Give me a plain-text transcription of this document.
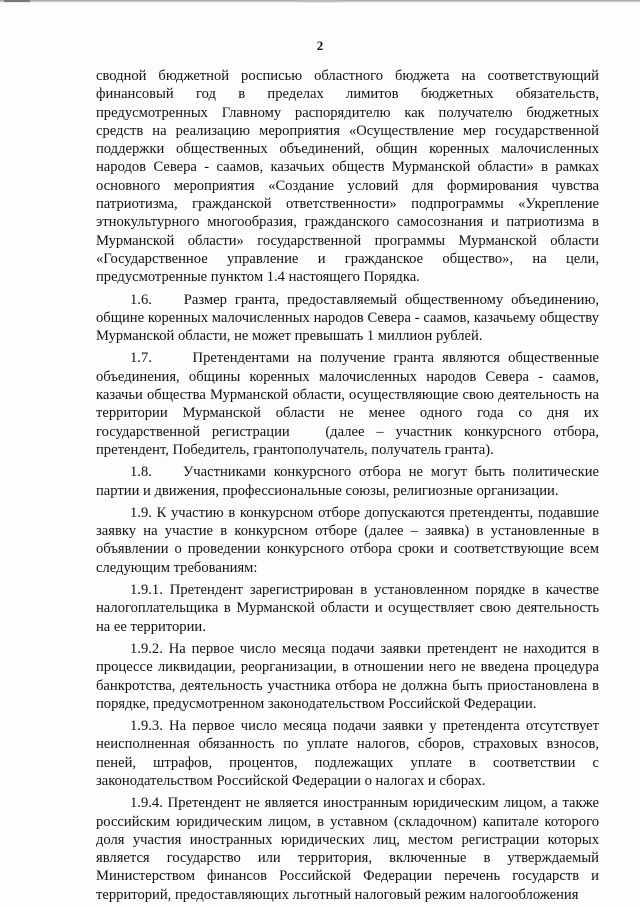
2

сводной бюджетной росписью областного бюджета на соответствующий финансовый год в пределах лимитов бюджетных обязательств, предусмотренных Главному распорядителю как получателю бюджетных средств на реализацию мероприятия «Осуществление мер государственной поддержки общественных объединений, общин коренных малочисленных народов Севера - саамов, казачьих обществ Мурманской области» в рамках основного мероприятия «Создание условий для формирования чувства патриотизма, гражданской ответственности» подпрограммы «Укрепление этнокультурного многообразия, гражданского самосознания и патриотизма в Мурманской области» государственной программы Мурманской области «Государственное управление и гражданское общество», на цели, предусмотренные пунктом 1.4 настоящего Порядка.

1.6.    Размер гранта, предоставляемый общественному объединению, общине коренных малочисленных народов Севера - саамов, казачьему обществу Мурманской области, не может превышать 1 миллион рублей.

1.7.     Претендентами на получение гранта являются общественные объединения, общины коренных малочисленных народов Севера - саамов, казачьи общества Мурманской области, осуществляющие свою деятельность на территории Мурманской области не менее одного года со дня их государственной регистрации   (далее – участник конкурсного отбора, претендент, Победитель, грантополучатель, получатель гранта).

1.8.    Участниками конкурсного отбора не могут быть политические партии и движения, профессиональные союзы, религиозные организации.

1.9. К участию в конкурсном отборе допускаются претенденты, подавшие заявку на участие в конкурсном отборе (далее – заявка) в установленные в объявлении о проведении конкурсного отбора сроки и соответствующие всем следующим требованиям:

1.9.1. Претендент зарегистрирован в установленном порядке в качестве налогоплательщика в Мурманской области и осуществляет свою деятельность на ее территории.

1.9.2. На первое число месяца подачи заявки претендент не находится в процессе ликвидации, реорганизации, в отношении него не введена процедура банкротства, деятельность участника отбора не должна быть приостановлена в порядке, предусмотренном законодательством Российской Федерации.

1.9.3. На первое число месяца подачи заявки у претендента отсутствует неисполненная обязанность по уплате налогов, сборов, страховых взносов, пеней, штрафов, процентов, подлежащих уплате в соответствии с законодательством Российской Федерации о налогах и сборах.

1.9.4. Претендент не является иностранным юридическим лицом, а также российским юридическим лицом, в уставном (складочном) капитале которого доля участия иностранных юридических лиц, местом регистрации которых является государство или территория, включенные в утверждаемый Министерством финансов Российской Федерации перечень государств и территорий, предоставляющих льготный налоговый режим налогообложения
